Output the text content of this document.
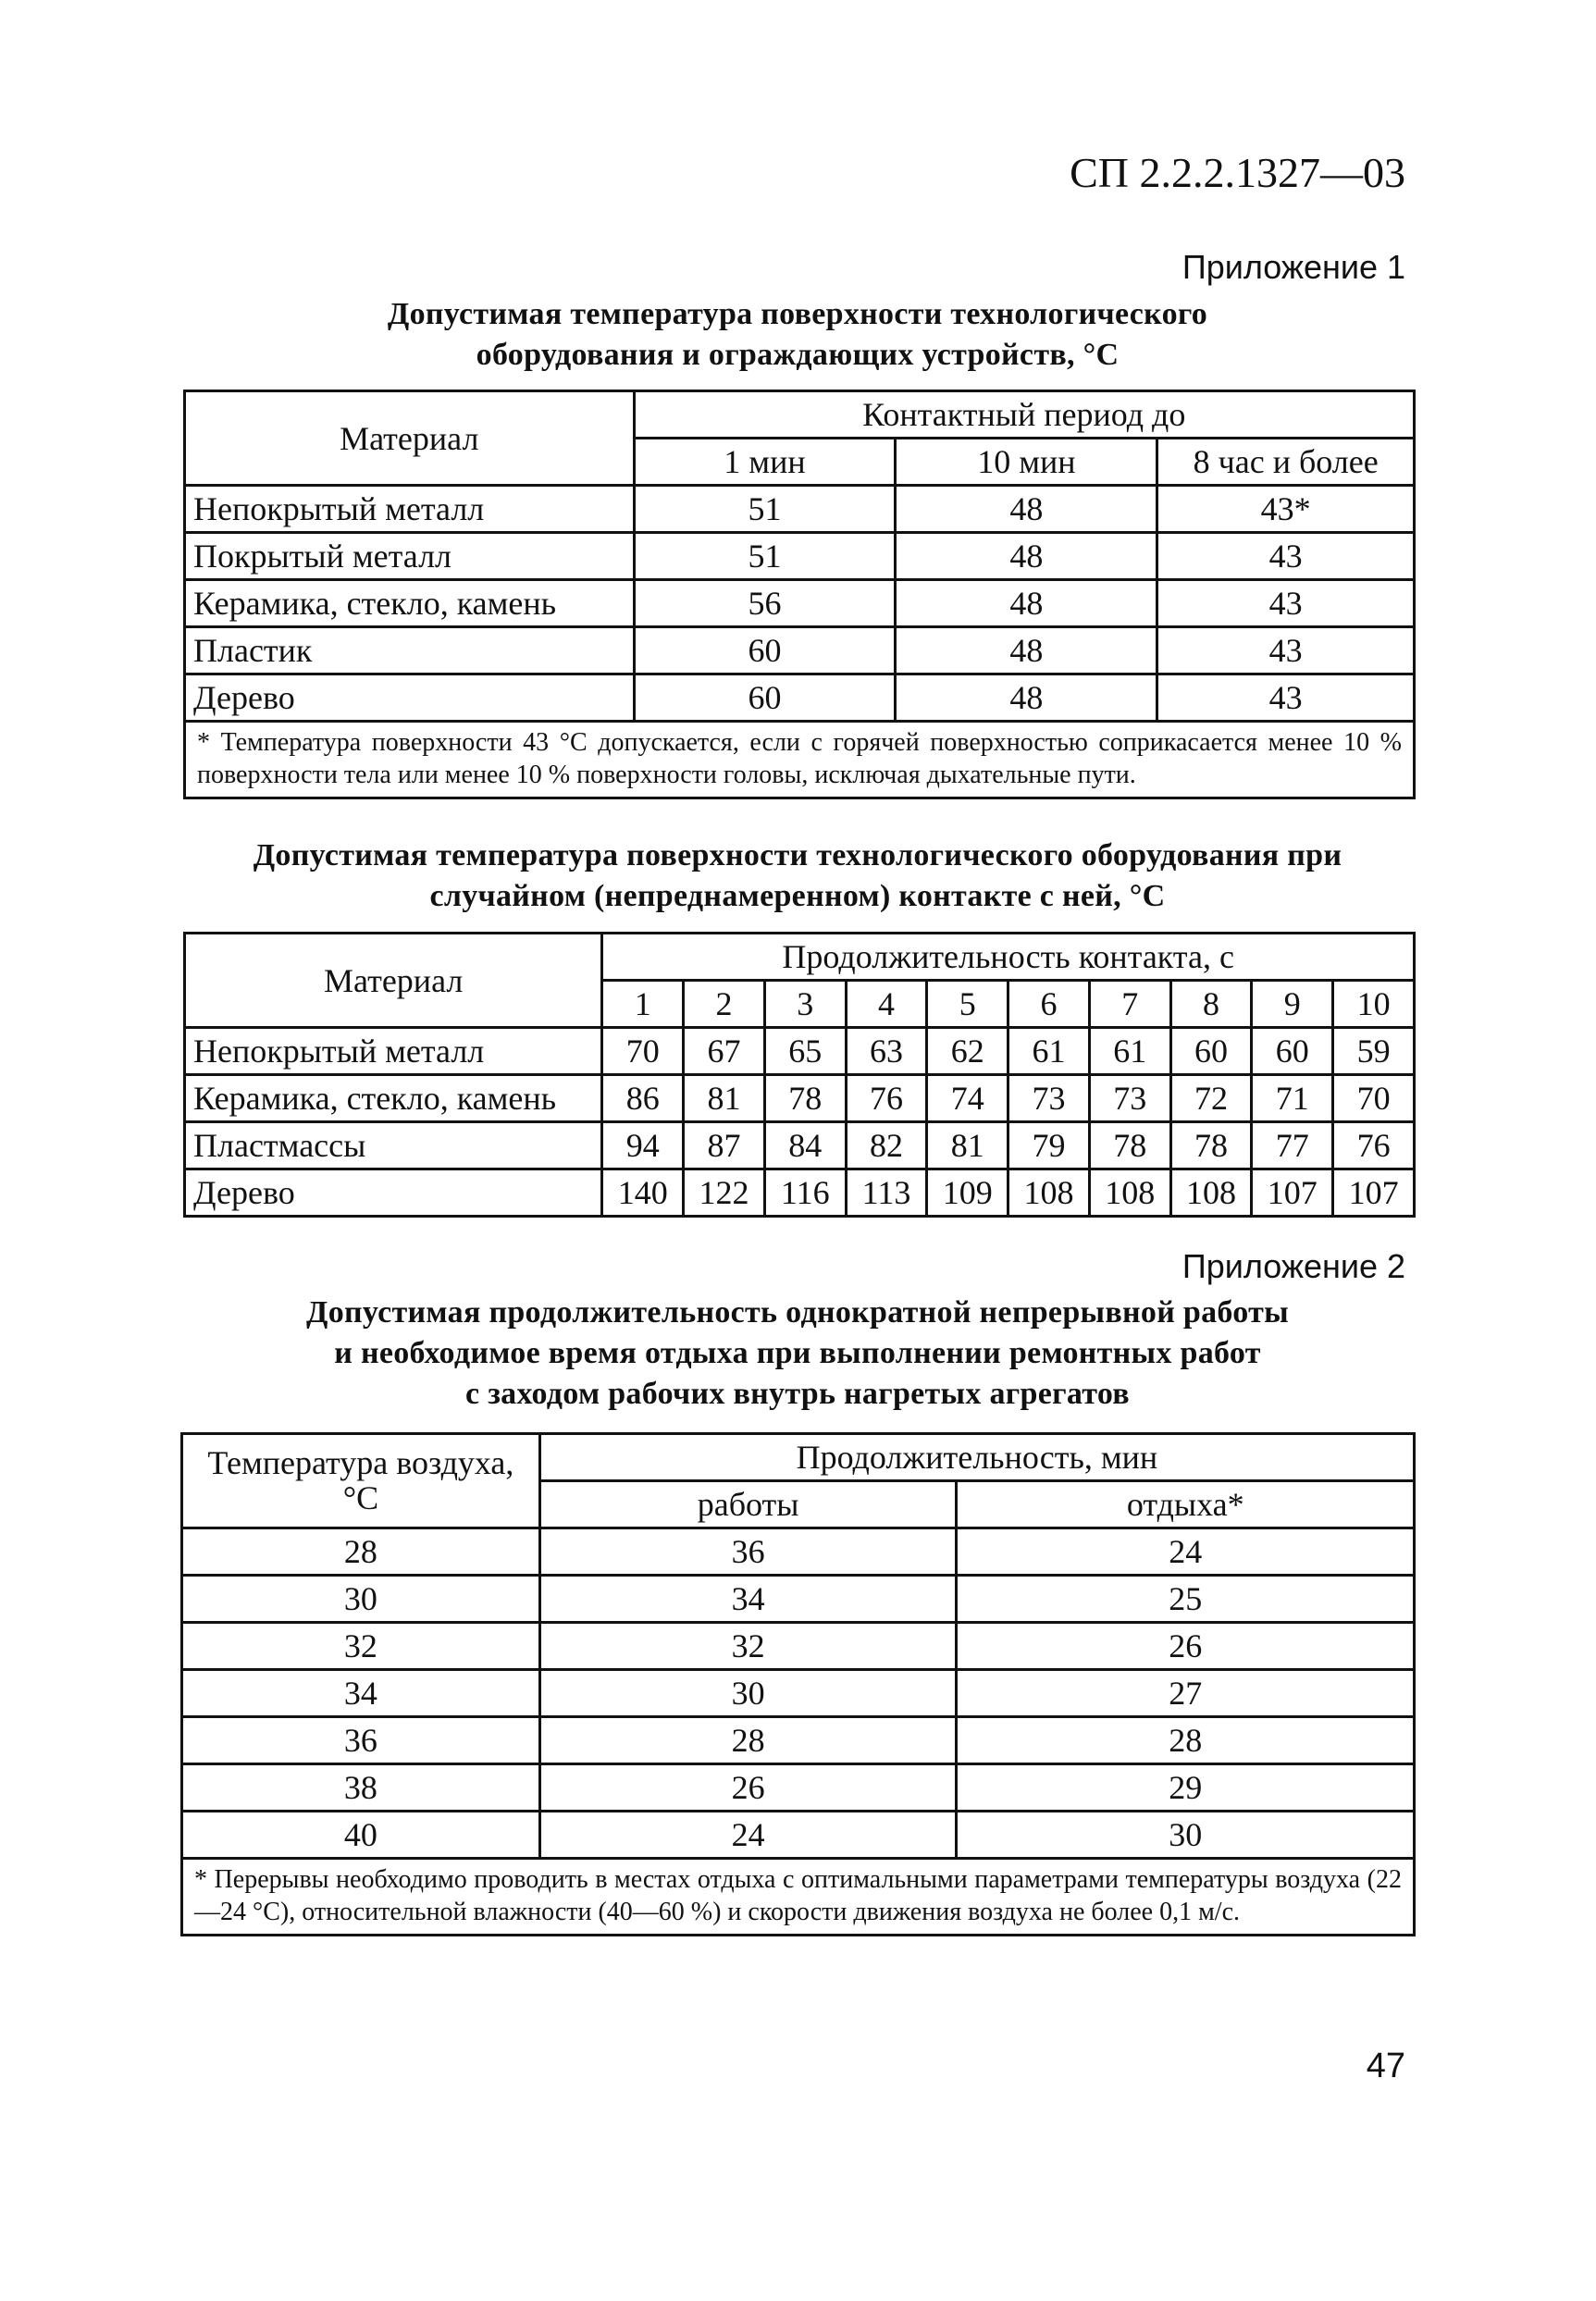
СП 2.2.2.1327—03
Приложение 1
Допустимая температура поверхности технологического
оборудования и ограждающих устройств, °С
Материал	Контактный период до		
	1 мин	10 мин	8 час и более
Непокрытый металл	51	48	43*
Покрытый металл	51	48	43
Керамика, стекло, камень	56	48	43
Пластик	60	48	43
Дерево	60	48	43
* Температура поверхности 43 °С допускается, если с горячей поверхностью соприкасается менее 10 % поверхности тела или менее 10 % поверхности головы, исключая дыхательные пути.			
Допустимая температура поверхности технологического оборудования при
случайном (непреднамеренном) контакте с ней, °С
Материал	Продолжительность контакта, с									
	1	2	3	4	5	6	7	8	9	10
Непокрытый металл	70	67	65	63	62	61	61	60	60	59
Керамика, стекло, камень	86	81	78	76	74	73	73	72	71	70
Пластмассы	94	87	84	82	81	79	78	78	77	76
Дерево	140	122	116	113	109	108	108	108	107	107
Приложение 2
Допустимая продолжительность однократной непрерывной работы
и необходимое время отдыха при выполнении ремонтных работ
с заходом рабочих внутрь нагретых агрегатов
Температура воздуха,
°С	Продолжительность, мин	
	работы	отдыха*
28	36	24
30	34	25
32	32	26
34	30	27
36	28	28
38	26	29
40	24	30
* Перерывы необходимо проводить в местах отдыха с оптимальными параметрами температуры воздуха (22—24 °С), относительной влажности (40—60 %) и скорости движения воздуха не более 0,1 м/с.		
47
